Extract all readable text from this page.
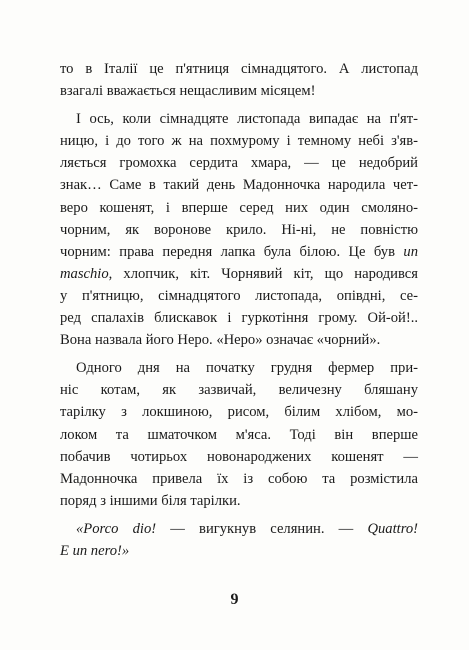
то в Італії це п'ятниця сімнадцятого. А листопад
взагалі вважається нещасливим місяцем!
І ось, коли сімнадцяте листопада випадає на п'ят-
ницю, і до того ж на похмурому і темному небі з'яв-
ляється громохка сердита хмара, — це недобрий
знак… Саме в такий день Мадонночка народила чет-
веро кошенят, і вперше серед них один смолянo-
чорним, як воронове крило. Ні-ні, не повністю
чорним: права передня лапка була білою. Це був un
maschio, хлопчик, кіт. Чорнявий кіт, що народився
у п'ятницю, сімнадцятого листопада, опівдні, се-
ред спалахів блискавок і гуркотіння грому. Ой-ой!..
Вона назвала його Неро. «Неро» означає «чорний».
Одного дня на початку грудня фермер при-
ніс котам, як зазвичай, величезну бляшану
тарілку з локшиною, рисом, білим хлібом, мо-
локом та шматочком м'яса. Тоді він вперше
побачив чотирьох новонароджених кошенят —
Мадонночка привела їх із собою та розмістила
поряд з іншими біля тарілки.
«Porco dio! — вигукнув селянин. — Quattro!
E un nero!»
9
